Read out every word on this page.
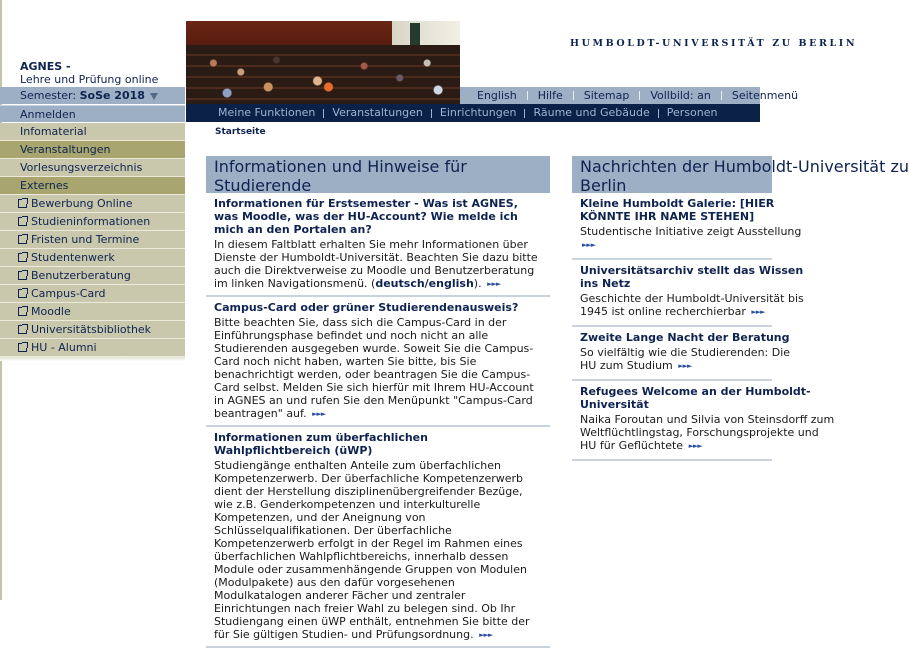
AGNES -
Lehre und Prüfung online
Semester: SoSe 2018
Anmelden
Infomaterial
Veranstaltungen
Vorlesungsverzeichnis
Externes
Bewerbung Online
Studieninformationen
Fristen und Termine
Studentenwerk
Benutzerberatung
Campus-Card
Moodle
Universitätsbibliothek
HU - Alumni
HUMBOLDT-UNIVERSITÄT ZU BERLIN
English Hilfe Sitemap Vollbild: an Seitenmenü
Meine Funktionen Veranstaltungen Einrichtungen Räume und Gebäude Personen
Startseite
Informationen und Hinweise für Studierende
Informationen für Erstsemester - Was ist AGNES, was Moodle, was der HU-Account? Wie melde ich mich an den Portalen an?

In diesem Faltblatt erhalten Sie mehr Informationen über Dienste der Humboldt-Universität. Beachten Sie dazu bitte auch die Direktverweise zu Moodle und Benutzerberatung im linken Navigationsmenü. (deutsch/english). ►►►

Campus-Card oder grüner Studierendenausweis?

Bitte beachten Sie, dass sich die Campus-Card in der Einführungsphase befindet und noch nicht an alle Studierenden ausgegeben wurde. Soweit Sie die Campus-Card noch nicht haben, warten Sie bitte, bis Sie benachrichtigt werden, oder beantragen Sie die Campus-Card selbst. Melden Sie sich hierfür mit Ihrem HU-Account in AGNES an und rufen Sie den Menüpunkt "Campus-Card beantragen" auf. ►►►

Informationen zum überfachlichen Wahlpflichtbereich (üWP)

Studiengänge enthalten Anteile zum überfachlichen Kompetenzerwerb. Der überfachliche Kompetenzerwerb dient der Herstellung disziplinenübergreifender Bezüge, wie z.B. Genderkompetenzen und interkulturelle Kompetenzen, und der Aneignung von Schlüsselqualifikationen. Der überfachliche Kompetenzerwerb erfolgt in der Regel im Rahmen eines überfachlichen Wahlpflichtbereichs, innerhalb dessen Module oder zusammenhängende Gruppen von Modulen (Modulpakete) aus den dafür vorgesehenen Modulkatalogen anderer Fächer und zentraler Einrichtungen nach freier Wahl zu belegen sind. Ob Ihr Studiengang einen üWP enthält, entnehmen Sie bitte der für Sie gültigen Studien- und Prüfungsordnung. ►►►

Nachrichten der Humboldt-Universität zu
Berlin
Kleine Humboldt Galerie: [HIER KÖNNTE IHR NAME STEHEN]

Studentische Initiative zeigt Ausstellung
►►►

Universitätsarchiv stellt das Wissen ins Netz

Geschichte der Humboldt-Universität bis
1945 ist online recherchierbar ►►►

Zweite Lange Nacht der Beratung

So vielfältig wie die Studierenden: Die
HU zum Studium ►►►

Refugees Welcome an der Humboldt-Universität

Naika Foroutan und Silvia von Steinsdorff zum
Weltflüchtlingstag, Forschungsprojekte und
HU für Geflüchtete ►►►
